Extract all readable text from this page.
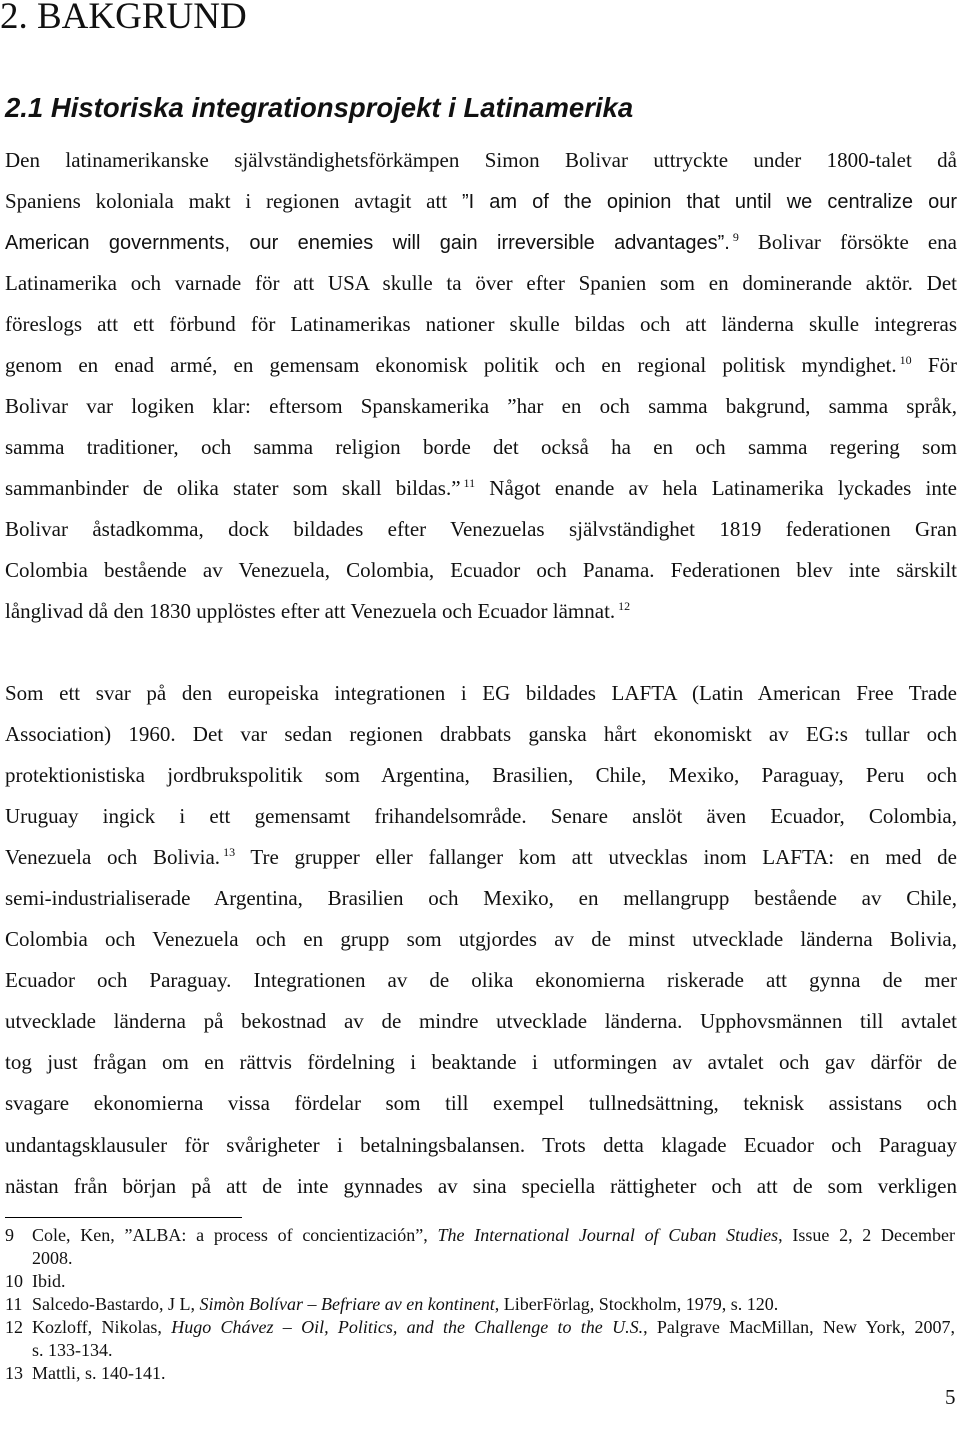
2. BAKGRUND
2.1 Historiska integrationsprojekt i Latinamerika
Den latinamerikanske självständighetsförkämpen Simon Bolivar uttryckte under 1800-talet då
Spaniens koloniala makt i regionen avtagit att ”I am of the opinion that until we centralize our
American governments, our enemies will gain irreversible advantages”. $^9$ Bolivar försökte ena
Latinamerika och varnade för att USA skulle ta över efter Spanien som en dominerande aktör. Det
föreslogs att ett förbund för Latinamerikas nationer skulle bildas och att länderna skulle integreras
genom en enad armé, en gemensam ekonomisk politik och en regional politisk myndighet. $^{10}$ För
Bolivar var logiken klar: eftersom Spanskamerika ”har en och samma bakgrund, samma språk,
samma traditioner, och samma religion borde det också ha en och samma regering som
sammanbinder de olika stater som skall bildas.” $^{11}$ Något enande av hela Latinamerika lyckades inte
Bolivar åstadkomma, dock bildades efter Venezuelas självständighet 1819 federationen Gran
Colombia bestående av Venezuela, Colombia, Ecuador och Panama. Federationen blev inte särskilt
långlivad då den 1830 upplöstes efter att Venezuela och Ecuador lämnat. $^{12}$
Som ett svar på den europeiska integrationen i EG bildades LAFTA (Latin American Free Trade
Association) 1960. Det var sedan regionen drabbats ganska hårt ekonomiskt av EG:s tullar och
protektionistiska jordbrukspolitik som Argentina, Brasilien, Chile, Mexiko, Paraguay, Peru och
Uruguay ingick i ett gemensamt frihandelsområde. Senare anslöt även Ecuador, Colombia,
Venezuela och Bolivia. $^{13}$ Tre grupper eller fallanger kom att utvecklas inom LAFTA: en med de
semi-industrialiserade Argentina, Brasilien och Mexiko, en mellangrupp bestående av Chile,
Colombia och Venezuela och en grupp som utgjordes av de minst utvecklade länderna Bolivia,
Ecuador och Paraguay. Integrationen av de olika ekonomierna riskerade att gynna de mer
utvecklade länderna på bekostnad av de mindre utvecklade länderna. Upphovsmännen till avtalet
tog just frågan om en rättvis fördelning i beaktande i utformingen av avtalet och gav därför de
svagare ekonomierna vissa fördelar som till exempel tullnedsättning, teknisk assistans och
undantagsklausuler för svårigheter i betalningsbalansen. Trots detta klagade Ecuador och Paraguay
nästan från början på att de inte gynnades av sina speciella rättigheter och att de som verkligen
9 Cole, Ken, ”ALBA: a process of concientización”, The International Journal of Cuban Studies, Issue 2, 2 December
2008.
10 Ibid.
11 Salcedo-Bastardo, J L, Simòn Bolívar – Befriare av en kontinent, LiberFörlag, Stockholm, 1979, s. 120.
12 Kozloff, Nikolas, Hugo Chávez – Oil, Politics, and the Challenge to the U.S., Palgrave MacMillan, New York, 2007,
s. 133-134.
13 Mattli, s. 140-141.
5
